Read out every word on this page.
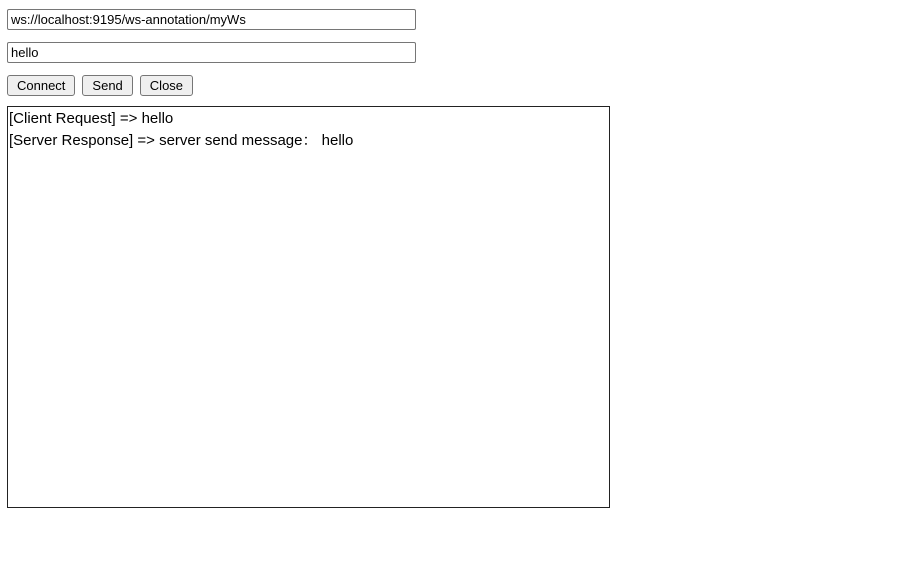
ws://localhost:9195/ws-annotation/myWs
hello
Connect	Send	Close
[Client Request] => hello
[Server Response] => server send message： hello
